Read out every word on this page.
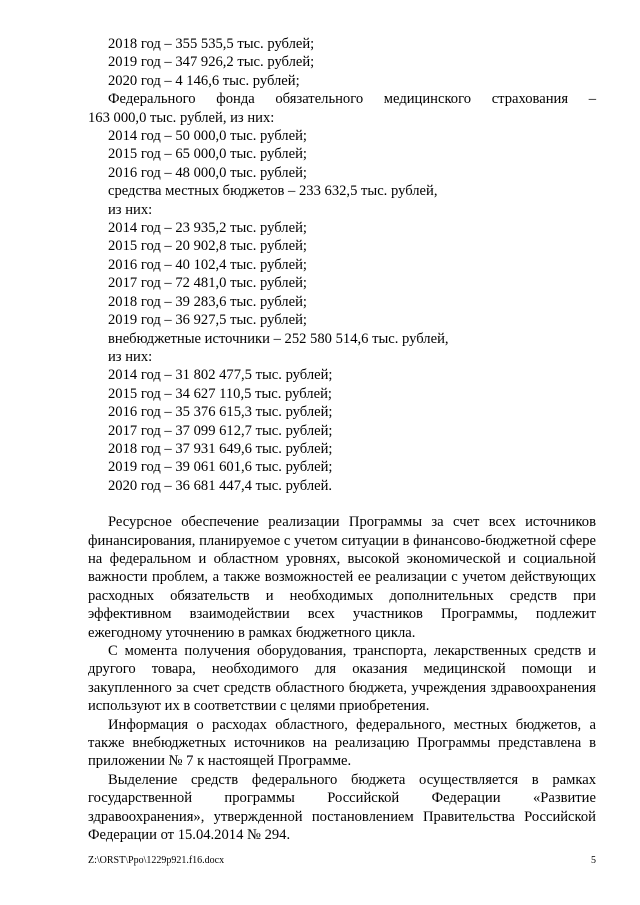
2018 год – 355 535,5 тыс. рублей;

2019 год – 347 926,2 тыс. рублей;

2020 год – 4 146,6 тыс. рублей;

Федерального фонда обязательного медицинского страхования –

163 000,0 тыс. рублей, из них:

2014 год – 50 000,0 тыс. рублей;

2015 год – 65 000,0 тыс. рублей;

2016 год – 48 000,0 тыс. рублей;

средства местных бюджетов – 233 632,5 тыс. рублей,

из них:

2014 год – 23 935,2 тыс. рублей;

2015 год – 20 902,8 тыс. рублей;

2016 год – 40 102,4 тыс. рублей;

2017 год – 72 481,0 тыс. рублей;

2018 год – 39 283,6 тыс. рублей;

2019 год – 36 927,5 тыс. рублей;

внебюджетные источники – 252 580 514,6 тыс. рублей,

из них:

2014 год – 31 802 477,5 тыс. рублей;

2015 год – 34 627 110,5 тыс. рублей;

2016 год – 35 376 615,3 тыс. рублей;

2017 год – 37 099 612,7 тыс. рублей;

2018 год – 37 931 649,6 тыс. рублей;

2019 год – 39 061 601,6 тыс. рублей;

2020 год – 36 681 447,4 тыс. рублей.

Ресурсное обеспечение реализации Программы за счет всех источников финансирования, планируемое с учетом ситуации в финансово-бюджетной сфере на федеральном и областном уровнях, высокой экономической и социальной важности проблем, а также возможностей ее реализации с учетом действующих расходных обязательств и необходимых дополнительных средств при эффективном взаимодействии всех участников Программы, подлежит ежегодному уточнению в рамках бюджетного цикла.

С момента получения оборудования, транспорта, лекарственных средств и другого товара, необходимого для оказания медицинской помощи и закупленного за счет средств областного бюджета, учреждения здравоохранения используют их в соответствии с целями приобретения.

Информация о расходах областного, федерального, местных бюджетов, а также внебюджетных источников на реализацию Программы представлена в приложении № 7 к настоящей Программе.

Выделение средств федерального бюджета осуществляется в рамках

государственной программы Российской Федерации «Развитие

здравоохранения», утвержденной постановлением Правительства Российской

Федерации от 15.04.2014 № 294.

Z:\ORST\Ppo\1229p921.f16.docx	5
